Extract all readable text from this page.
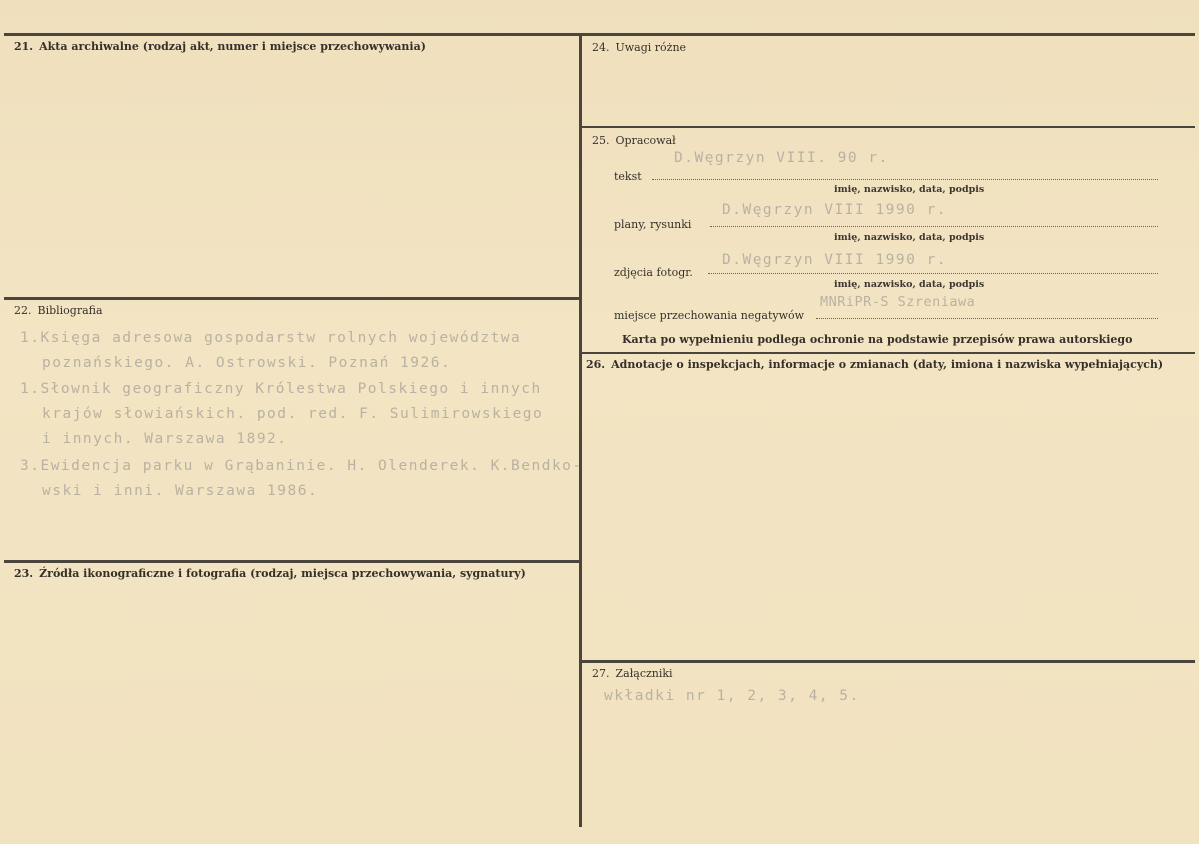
21. Akta archiwalne (rodzaj akt, numer i miejsce przechowywania)
22. Bibliografia
1.Księga adresowa gospodarstw rolnych województwa
poznańskiego. A. Ostrowski. Poznań 1926.
1.Słownik geograficzny Królestwa Polskiego i innych
krajów słowiańskich. pod. red. F. Sulimirowskiego
i innych. Warszawa 1892.
3.Ewidencja parku w Grąbaninie. H. Olenderek. K.Bendko-
wski i inni. Warszawa 1986.
23. Źródła ikonograficzne i fotografia (rodzaj, miejsca przechowywania, sygnatury)
24. Uwagi różne
25. Opracował
tekst
D.Węgrzyn VIII. 90 r.
imię, nazwisko, data, podpis
plany, rysunki
D.Węgrzyn VIII 1990 r.
imię, nazwisko, data, podpis
zdjęcia fotogr.
D.Węgrzyn VIII 1990 r.
imię, nazwisko, data, podpis
miejsce przechowania negatywów
MNRiPR-S Szreniawa
Karta po wypełnieniu podlega ochronie na podstawie przepisów prawa autorskiego
26. Adnotacje o inspekcjach, informacje o zmianach (daty, imiona i nazwiska wypełniających)
27. Załączniki
wkładki nr 1, 2, 3, 4, 5.
